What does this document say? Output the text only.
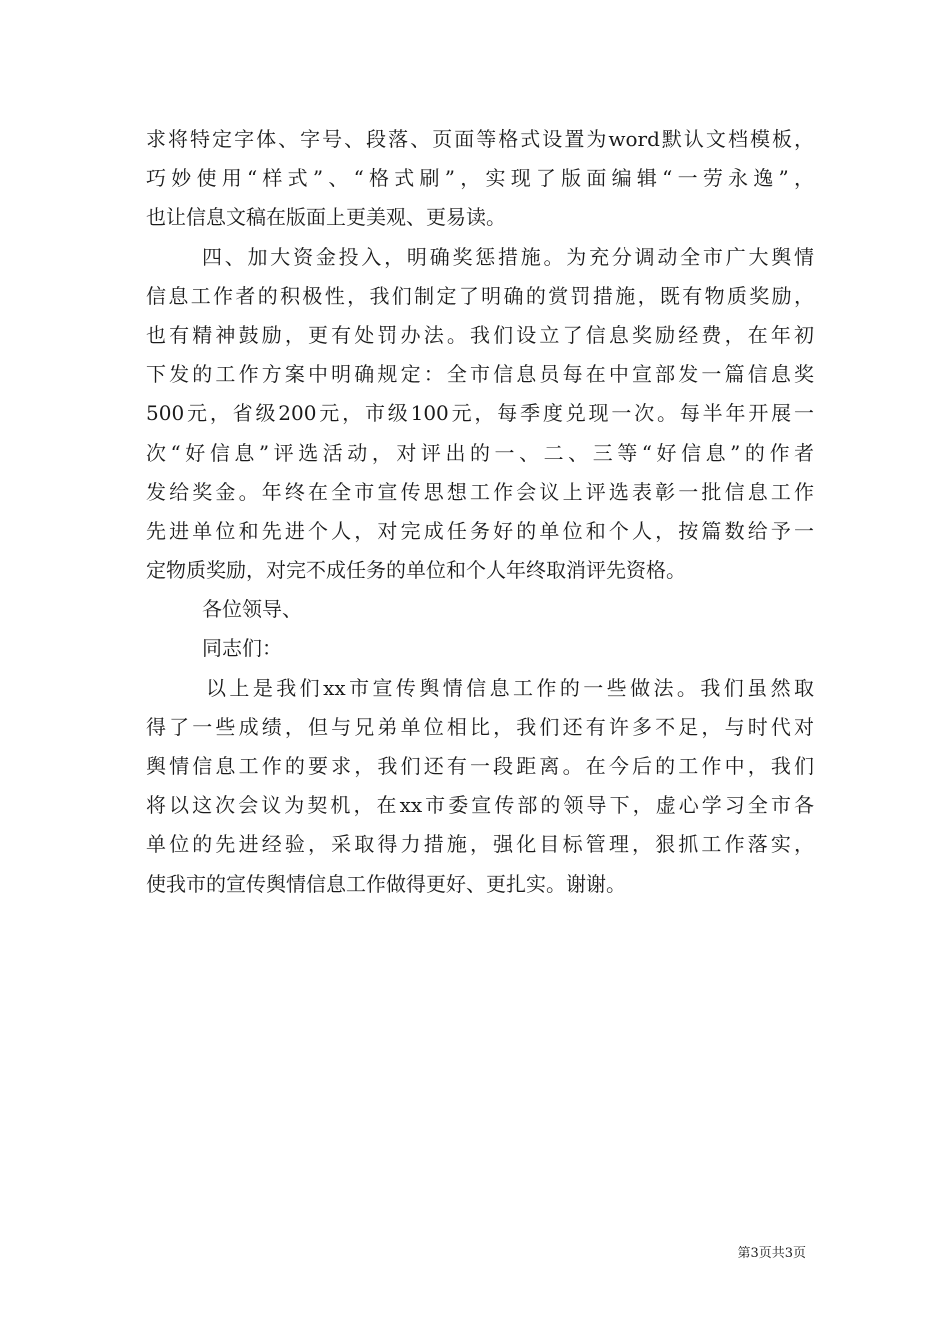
求将特定字体、字号、段落、页面等格式设置为word默认文档模板，
巧妙使用“样式”、“格式刷”，实现了版面编辑“一劳永逸”，
也让信息文稿在版面上更美观、更易读。
四、加大资金投入，明确奖惩措施。为充分调动全市广大舆情
信息工作者的积极性，我们制定了明确的赏罚措施，既有物质奖励，
也有精神鼓励，更有处罚办法。我们设立了信息奖励经费，在年初
下发的工作方案中明确规定：全市信息员每在中宣部发一篇信息奖
500元，省级200元，市级100元，每季度兑现一次。每半年开展一
次“好信息”评选活动，对评出的一、二、三等“好信息”的作者
发给奖金。年终在全市宣传思想工作会议上评选表彰一批信息工作
先进单位和先进个人，对完成任务好的单位和个人，按篇数给予一
定物质奖励，对完不成任务的单位和个人年终取消评先资格。
各位领导、
同志们：
以上是我们xx市宣传舆情信息工作的一些做法。我们虽然取
得了一些成绩，但与兄弟单位相比，我们还有许多不足，与时代对
舆情信息工作的要求，我们还有一段距离。在今后的工作中，我们
将以这次会议为契机，在xx市委宣传部的领导下，虚心学习全市各
单位的先进经验，采取得力措施，强化目标管理，狠抓工作落实，
使我市的宣传舆情信息工作做得更好、更扎实。谢谢。
第3页共3页
